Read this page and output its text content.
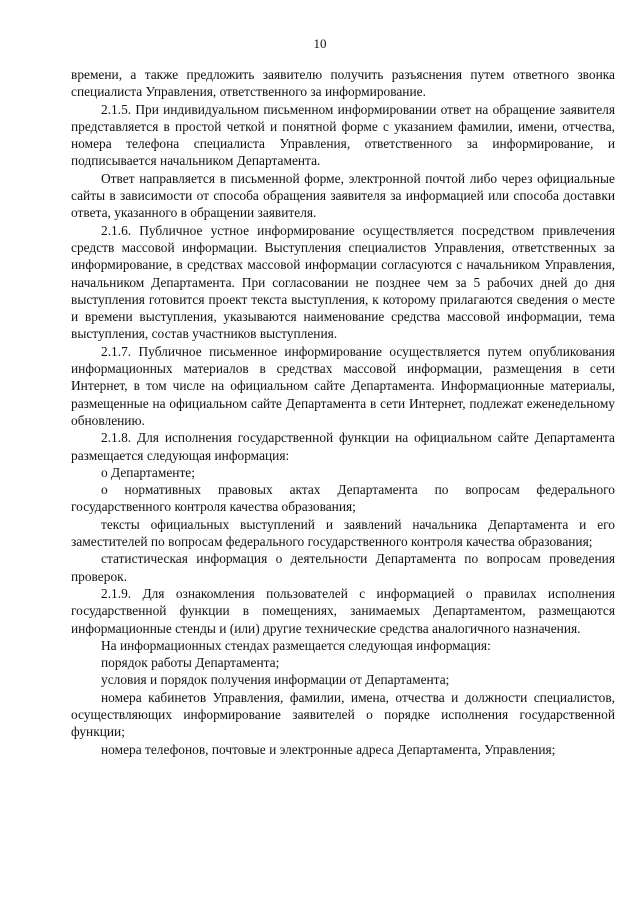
10

времени, а также предложить заявителю получить разъяснения путем ответного звонка специалиста Управления, ответственного за информирование.

2.1.5. При индивидуальном письменном информировании ответ на обращение заявителя представляется в простой четкой и понятной форме с указанием фамилии, имени, отчества, номера телефона специалиста Управления, ответственного за информирование, и подписывается начальником Департамента.

Ответ направляется в письменной форме, электронной почтой либо через официальные сайты в зависимости от способа обращения заявителя за информацией или способа доставки ответа, указанного в обращении заявителя.

2.1.6. Публичное устное информирование осуществляется посредством привлечения средств массовой информации. Выступления специалистов Управления, ответственных за информирование, в средствах массовой информации согласуются с начальником Управления, начальником Департамента. При согласовании не позднее чем за 5 рабочих дней до дня выступления готовится проект текста выступления, к которому прилагаются сведения о месте и времени выступления, указываются наименование средства массовой информации, тема выступления, состав участников выступления.

2.1.7. Публичное письменное информирование осуществляется путем опубликования информационных материалов в средствах массовой информации, размещения в сети Интернет, в том числе на официальном сайте Департамента. Информационные материалы, размещенные на официальном сайте Департамента в сети Интернет, подлежат еженедельному обновлению.

2.1.8. Для исполнения государственной функции на официальном сайте Департамента размещается следующая информация:

о Департаменте;

о нормативных правовых актах Департамента по вопросам федерального государственного контроля качества образования;

тексты официальных выступлений и заявлений начальника Департамента и его заместителей по вопросам федерального государственного контроля качества образования;

статистическая информация о деятельности Департамента по вопросам проведения проверок.

2.1.9. Для ознакомления пользователей с информацией о правилах исполнения государственной функции в помещениях, занимаемых Департаментом, размещаются информационные стенды и (или) другие технические средства аналогичного назначения.

На информационных стендах размещается следующая информация:

порядок работы Департамента;

условия и порядок получения информации от Департамента;

номера кабинетов Управления, фамилии, имена, отчества и должности специалистов, осуществляющих информирование заявителей о порядке исполнения государственной функции;

номера телефонов, почтовые и электронные адреса Департамента, Управления;
